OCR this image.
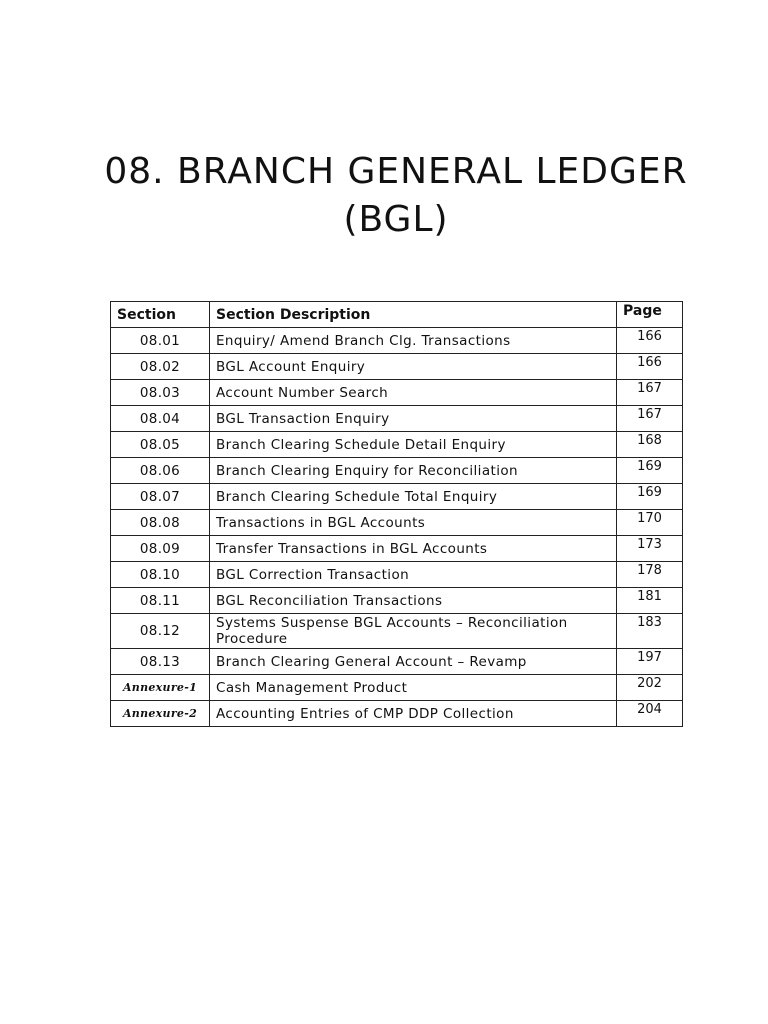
08. BRANCH GENERAL LEDGER
(BGL)
Section	Section Description	Page
08.01	Enquiry/ Amend Branch Clg. Transactions	166
08.02	BGL Account Enquiry	166
08.03	Account Number Search	167
08.04	BGL Transaction Enquiry	167
08.05	Branch Clearing Schedule Detail Enquiry	168
08.06	Branch Clearing Enquiry for Reconciliation	169
08.07	Branch Clearing Schedule Total Enquiry	169
08.08	Transactions in BGL Accounts	170
08.09	Transfer Transactions in BGL Accounts	173
08.10	BGL Correction Transaction	178
08.11	BGL Reconciliation Transactions	181
08.12	Systems Suspense BGL Accounts – Reconciliation Procedure	183
08.13	Branch Clearing General Account – Revamp	197
Annexure-1	Cash Management Product	202
Annexure-2	Accounting Entries of CMP DDP Collection	204
